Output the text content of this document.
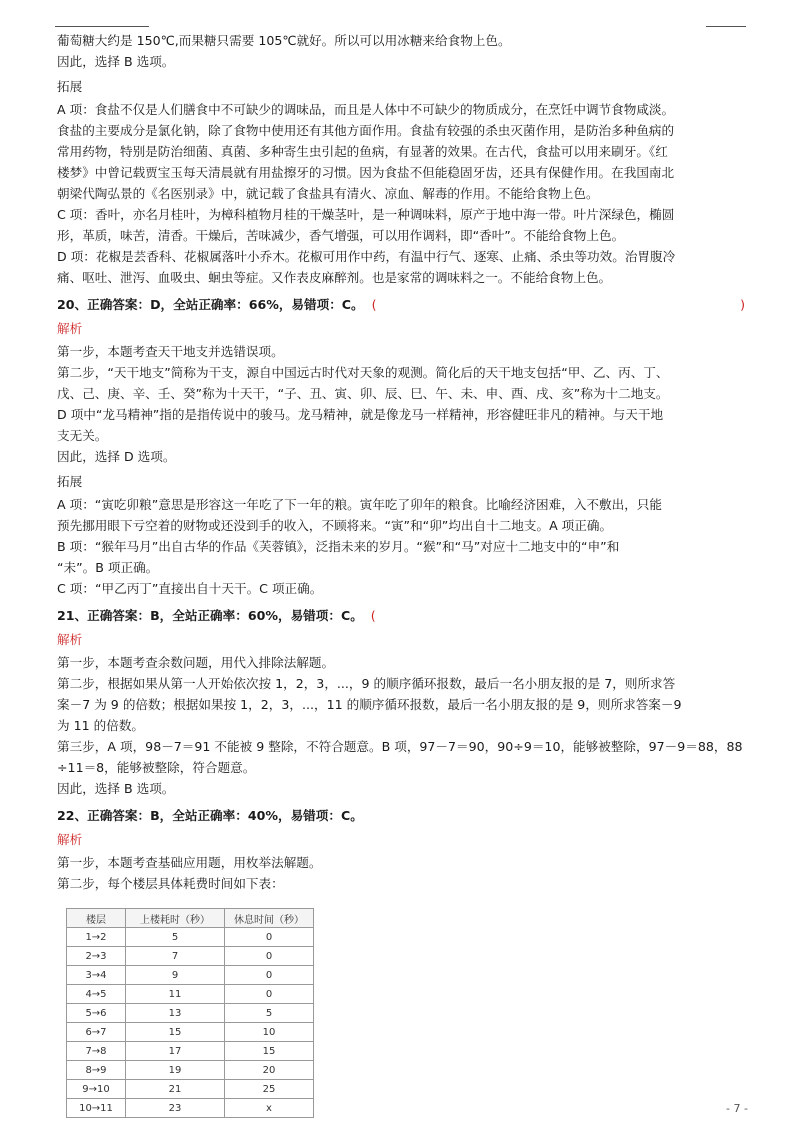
葡萄糖大约是 150℃,而果糖只需要 105℃就好。所以可以用冰糖来给食物上色。

因此，选择 B 选项。

拓展

A 项：食盐不仅是人们膳食中不可缺少的调味品，而且是人体中不可缺少的物质成分，在烹饪中调节食物咸淡。

食盐的主要成分是氯化钠，除了食物中使用还有其他方面作用。食盐有较强的杀虫灭菌作用，是防治多种鱼病的

常用药物，特别是防治细菌、真菌、多种寄生虫引起的鱼病，有显著的效果。在古代，食盐可以用来刷牙。《红

楼梦》中曾记载贾宝玉每天清晨就有用盐擦牙的习惯。因为食盐不但能稳固牙齿，还具有保健作用。在我国南北

朝梁代陶弘景的《名医别录》中，就记载了食盐具有清火、凉血、解毒的作用。不能给食物上色。

C 项：香叶，亦名月桂叶，为樟科植物月桂的干燥茎叶，是一种调味料，原产于地中海一带。叶片深绿色，椭圆

形，革质，味苦，清香。干燥后，苦味减少，香气增强，可以用作调料，即“香叶”。不能给食物上色。

D 项：花椒是芸香科、花椒属落叶小乔木。花椒可用作中药，有温中行气、逐寒、止痛、杀虫等功效。治胃腹冷

痛、呕吐、泄泻、血吸虫、蛔虫等症。又作表皮麻醉剂。也是家常的调味料之一。不能给食物上色。

20、正确答案：D，全站正确率：66%，易错项：C。 (	)
解析

第一步，本题考查天干地支并选错误项。

第二步，“天干地支”简称为干支，源自中国远古时代对天象的观测。简化后的天干地支包括“甲、乙、丙、丁、

戊、己、庚、辛、壬、癸”称为十天干，“子、丑、寅、卯、辰、巳、午、未、申、酉、戌、亥”称为十二地支。

D 项中“龙马精神”指的是指传说中的骏马。龙马精神，就是像龙马一样精神，形容健旺非凡的精神。与天干地

支无关。

因此，选择 D 选项。

拓展

A 项：“寅吃卯粮”意思是形容这一年吃了下一年的粮。寅年吃了卯年的粮食。比喻经济困难，入不敷出，只能

预先挪用眼下亏空着的财物或还没到手的收入，不顾将来。“寅”和“卯”均出自十二地支。A 项正确。

B 项：“猴年马月”出自古华的作品《芙蓉镇》，泛指未来的岁月。“猴”和“马”对应十二地支中的“申”和

“未”。B 项正确。

C 项：“甲乙丙丁”直接出自十天干。C 项正确。

21、正确答案：B，全站正确率：60%，易错项：C。 (
解析

第一步，本题考查余数问题，用代入排除法解题。

第二步，根据如果从第一人开始依次按 1，2，3，...，9 的顺序循环报数，最后一名小朋友报的是 7，则所求答

案－7 为 9 的倍数；根据如果按 1，2，3，...，11 的顺序循环报数，最后一名小朋友报的是 9，则所求答案－9

为 11 的倍数。

第三步，A 项，98－7＝91 不能被 9 整除，不符合题意。B 项，97－7＝90，90÷9＝10，能够被整除，97－9＝88，88

÷11＝8，能够被整除，符合题意。

因此，选择 B 选项。

22、正确答案：B，全站正确率：40%，易错项：C。
解析

第一步，本题考查基础应用题，用枚举法解题。

第二步，每个楼层具体耗费时间如下表：

楼层	上楼耗时（秒）	休息时间（秒）
1→2	5	0
2→3	7	0
3→4	9	0
4→5	11	0
5→6	13	5
6→7	15	10
7→8	17	15
8→9	19	20
9→10	21	25
10→11	23	x	- 7 -
